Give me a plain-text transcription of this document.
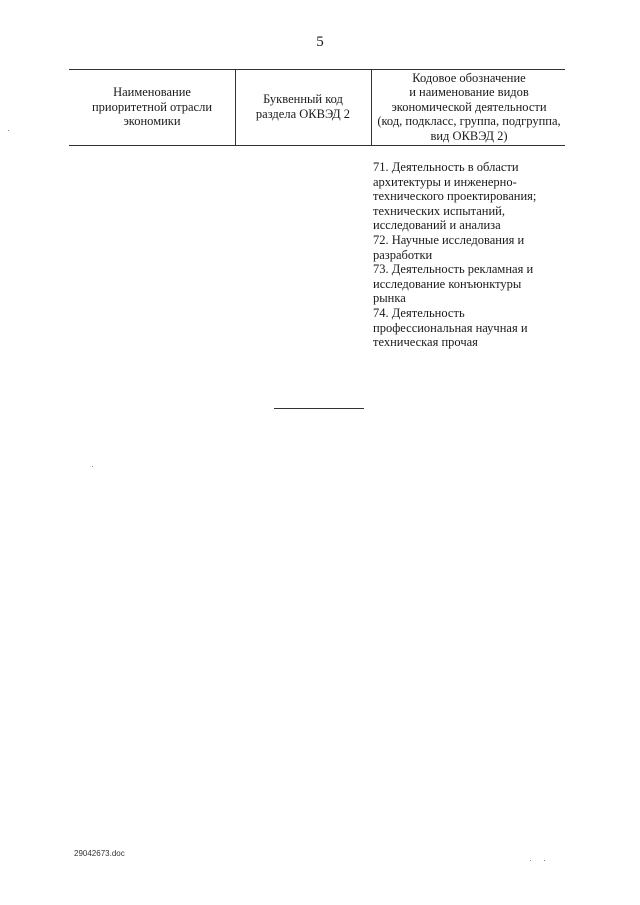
5
Наименование
приоритетной отрасли
экономики
Буквенный код
раздела ОКВЭД 2
Кодовое обозначение
и наименование видов
экономической деятельности
(код, подкласс, группа, подгруппа,
вид ОКВЭД 2)
71. Деятельность в области
архитектуры и инженерно-
технического проектирования;
технических испытаний,
исследований и анализа
72. Научные исследования и
разработки
73. Деятельность рекламная и
исследование конъюнктуры
рынка
74. Деятельность
профессиональная научная и
техническая прочая
29042673.doc
